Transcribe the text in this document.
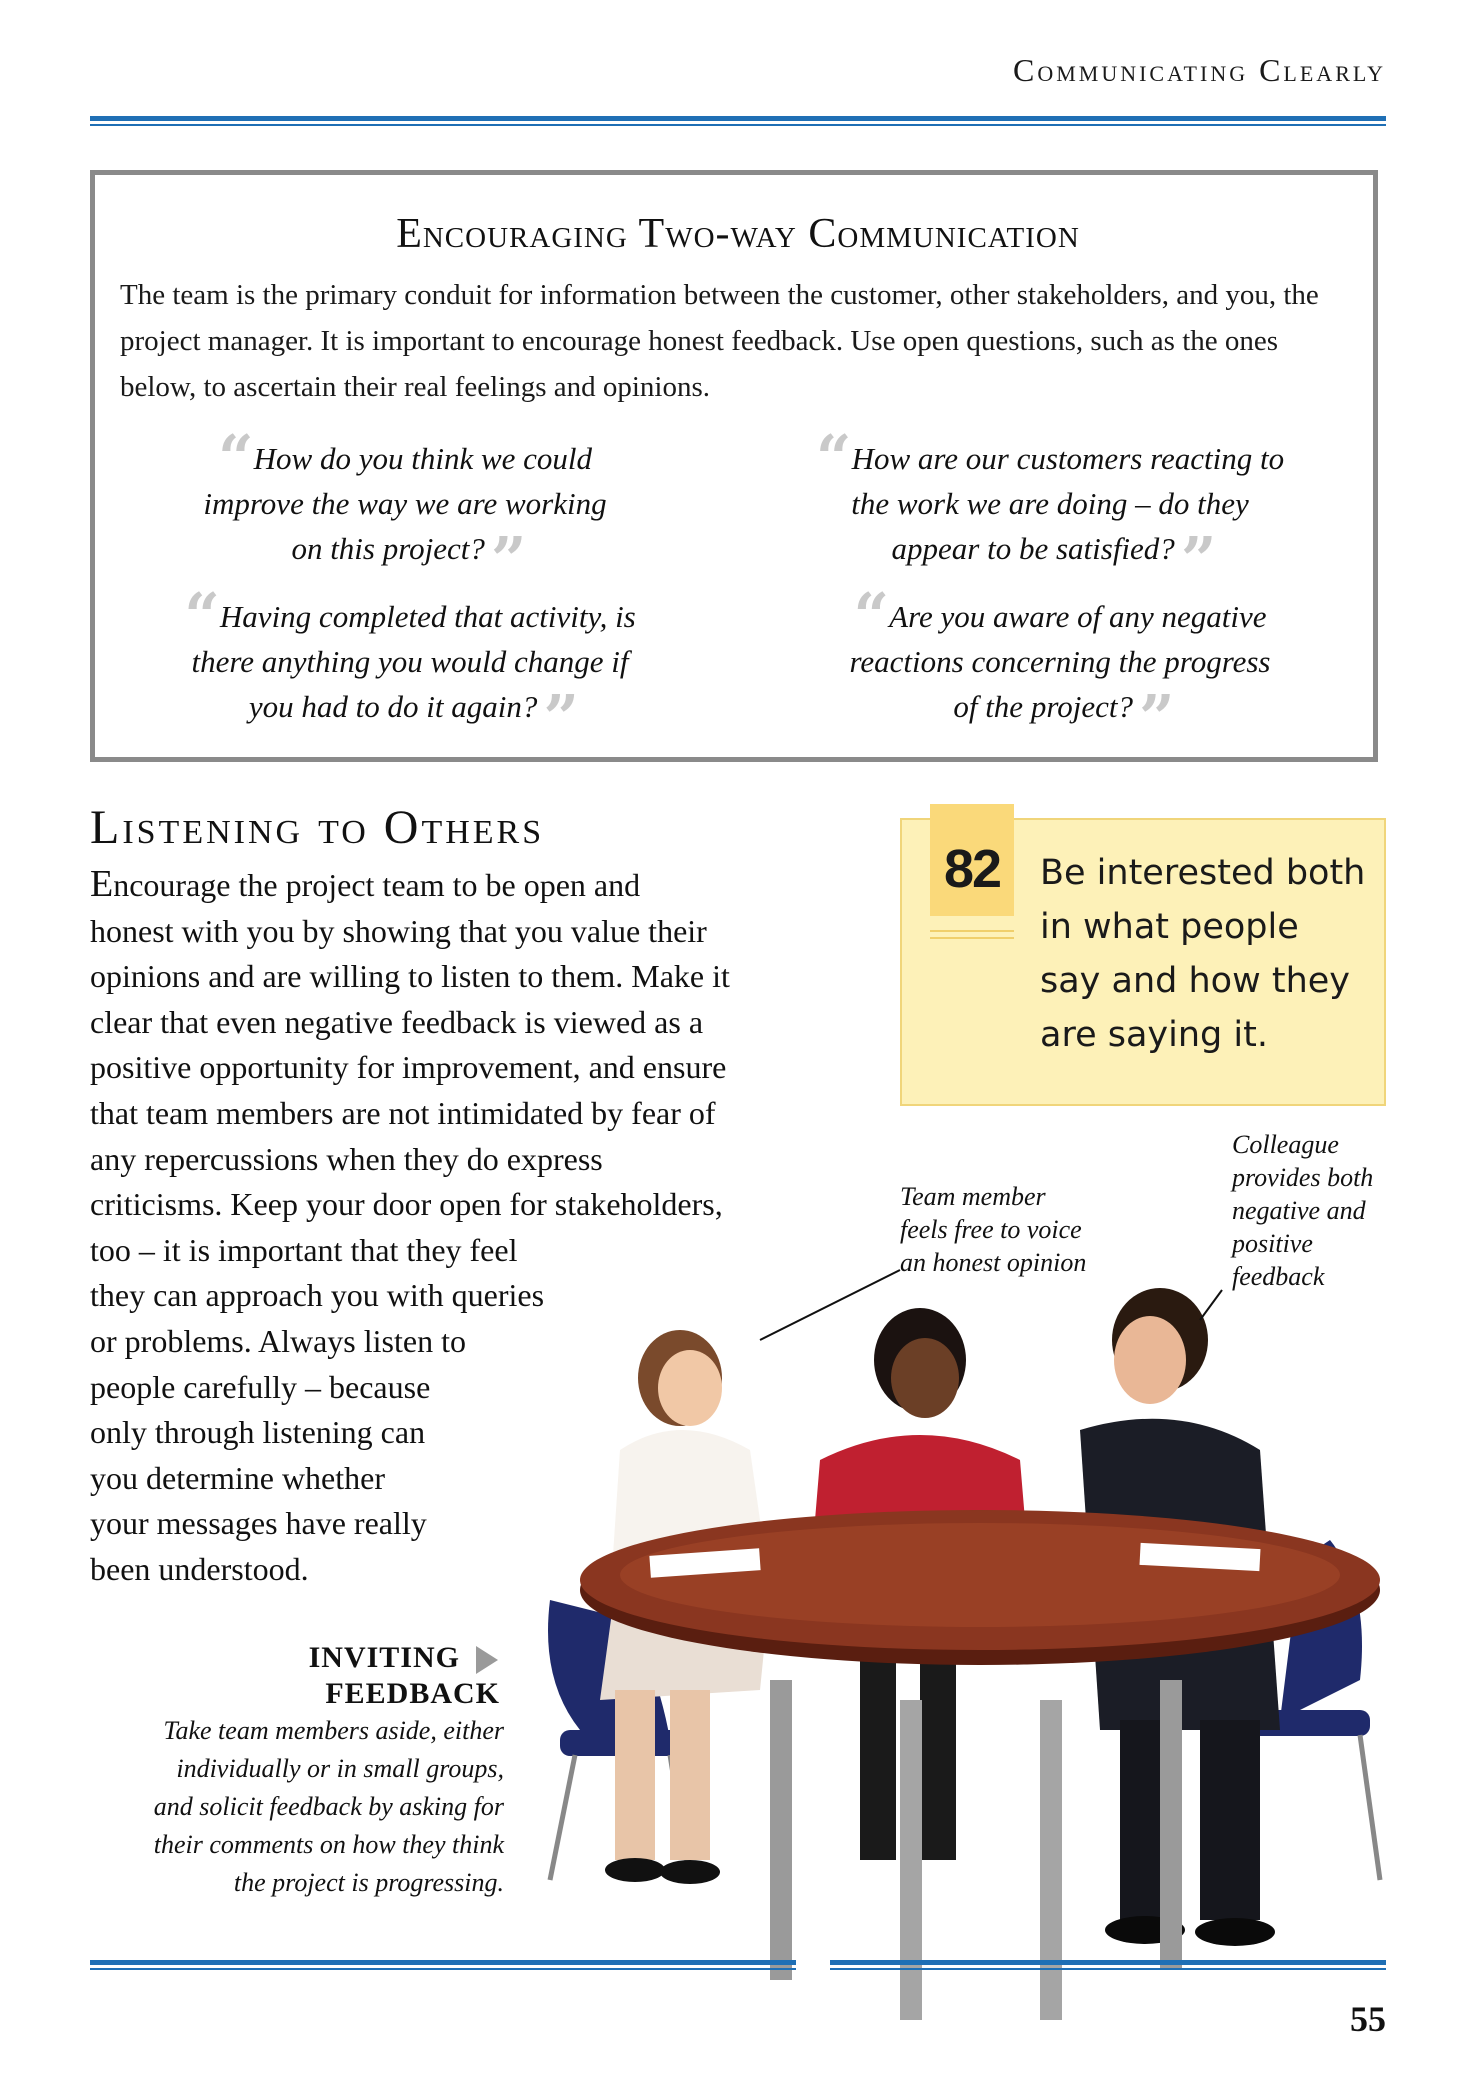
Communicating Clearly
Encouraging Two-way Communication
The team is the primary conduit for information between the customer, other stakeholders, and you, the project manager. It is important to encourage honest feedback. Use open questions, such as the ones below, to ascertain their real feelings and opinions.
“ How do you think we could
improve the way we are working
on this project?”
“ How are our customers reacting to
the work we are doing – do they
appear to be satisfied?”
“ Having completed that activity, is
there anything you would change if
you had to do it again?”
“ Are you aware of any negative
reactions concerning the progress
of the project?”
Listening to Others
Encourage the project team to be open and
honest with you by showing that you value their
opinions and are willing to listen to them. Make it
clear that even negative feedback is viewed as a
positive opportunity for improvement, and ensure
that team members are not intimidated by fear of
any repercussions when they do express
criticisms. Keep your door open for stakeholders,
too – it is important that they feel
they can approach you with queries
or problems. Always listen to
people carefully – because
only through listening can
you determine whether
your messages have really
been understood.
82	Be interested both
in what people
say and how they
are saying it.
Team member
feels free to voice
an honest opinion
Colleague
provides both
negative and
positive
feedback
INVITING
FEEDBACK
Take team members aside, either
individually or in small groups,
and solicit feedback by asking for
their comments on how they think
the project is progressing.
55
